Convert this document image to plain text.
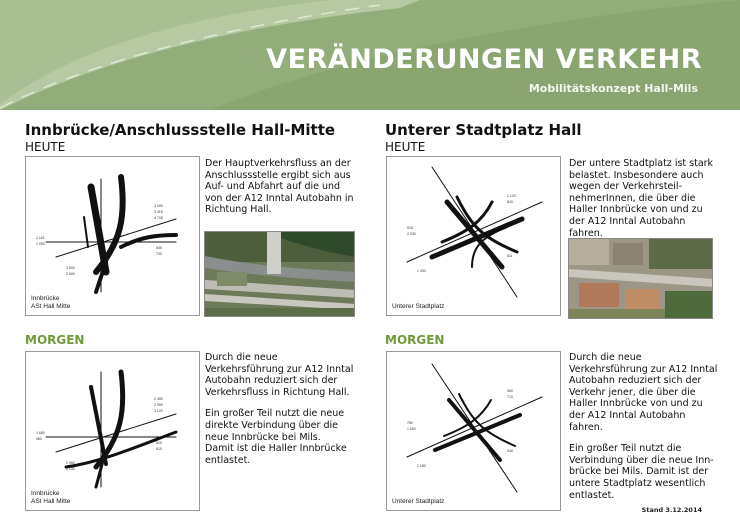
VERÄNDERUNGEN VERKEHR
Mobilitätskonzept Hall-Mils
Innbrücke/Anschlussstelle Hall-Mitte
HEUTE
3 000
3 415
4 705
2 115
1 050
3 500
2 600
645
700
Innbrücke
ASt Hall Mitte
Der Hauptverkehrsfluss an der Anschlussstelle ergibt sich aus Auf- und Abfahrt auf die und von der A12 Inntal Autobahn in Richtung Hall.
MORGEN
2 450
2 900
3 120
1 680
980
2 950
2 140
520
610
Innbrücke
ASt Hall Mitte

Durch die neue Verkehrsführung zur A12 Inntal Autobahn reduziert sich der Verkehrsfluss in Richtung Hall.

Ein großer Teil nutzt die neue direkte Verbindung über die neue Innbrücke bei Mils.
Damit ist die Haller Innbrücke entlastet.

Unterer Stadtplatz Hall
HEUTE
1 120
840
915
2 030
1 430
611
Unterer Stadtplatz
Der untere Stadtplatz ist stark belastet. Insbesondere auch wegen der Verkehrsteil-nehmerInnen, die über die Haller Innbrücke von und zu der A12 Inntal Autobahn fahren.
MORGEN
960
710
780
1 650
1 180
540
Unterer Stadtplatz

Durch die neue Verkehrsführung zur A12 Inntal Autobahn reduziert sich der Verkehr jener, die über die Haller Innbrücke von und zu der A12 Inntal Autobahn fahren.

Ein großer Teil nutzt die Verbindung über die neue Inn-brücke bei Mils. Damit ist der untere Stadtplatz wesentlich entlastet.

Stand 3.12.2014
